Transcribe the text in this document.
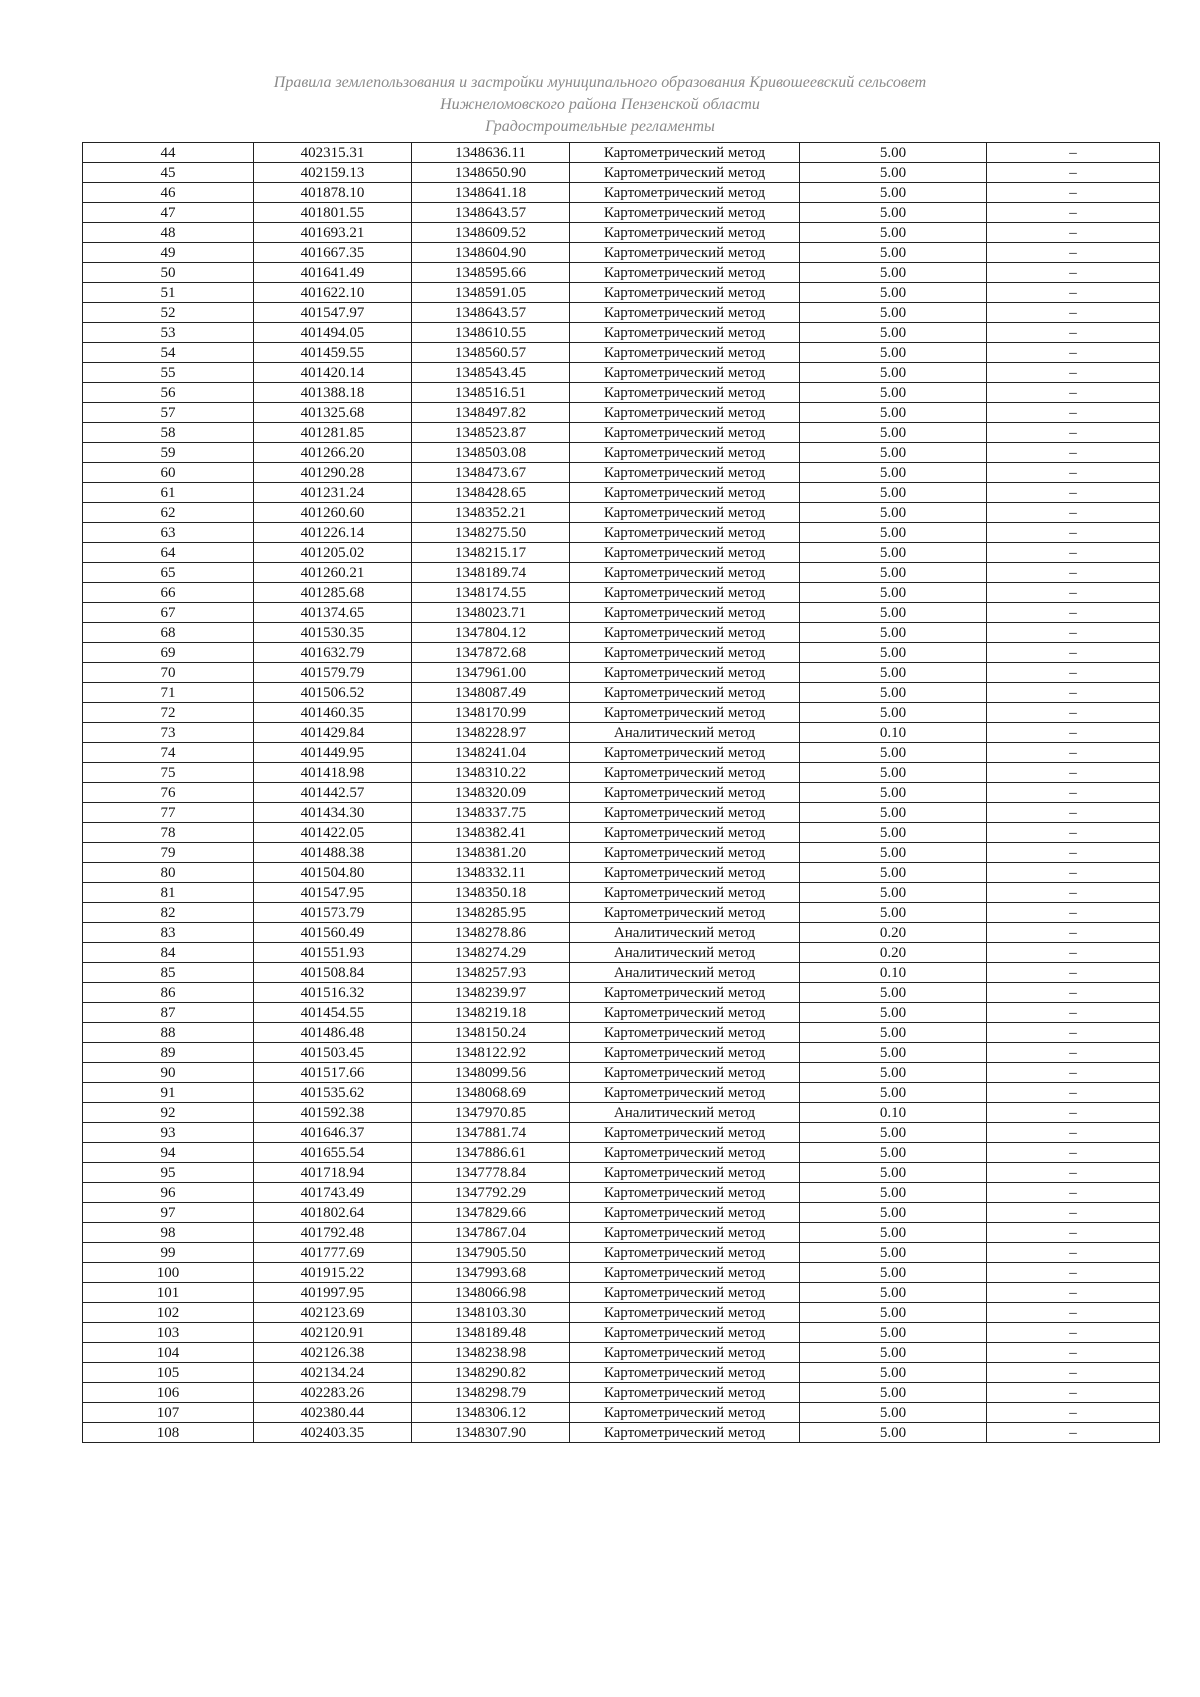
Правила землепользования и застройки муниципального образования Кривошеевский сельсовет
Нижнеломовского района Пензенской области
Градостроительные регламенты
44	402315.31	1348636.11	Картометрический метод	5.00	–
45	402159.13	1348650.90	Картометрический метод	5.00	–
46	401878.10	1348641.18	Картометрический метод	5.00	–
47	401801.55	1348643.57	Картометрический метод	5.00	–
48	401693.21	1348609.52	Картометрический метод	5.00	–
49	401667.35	1348604.90	Картометрический метод	5.00	–
50	401641.49	1348595.66	Картометрический метод	5.00	–
51	401622.10	1348591.05	Картометрический метод	5.00	–
52	401547.97	1348643.57	Картометрический метод	5.00	–
53	401494.05	1348610.55	Картометрический метод	5.00	–
54	401459.55	1348560.57	Картометрический метод	5.00	–
55	401420.14	1348543.45	Картометрический метод	5.00	–
56	401388.18	1348516.51	Картометрический метод	5.00	–
57	401325.68	1348497.82	Картометрический метод	5.00	–
58	401281.85	1348523.87	Картометрический метод	5.00	–
59	401266.20	1348503.08	Картометрический метод	5.00	–
60	401290.28	1348473.67	Картометрический метод	5.00	–
61	401231.24	1348428.65	Картометрический метод	5.00	–
62	401260.60	1348352.21	Картометрический метод	5.00	–
63	401226.14	1348275.50	Картометрический метод	5.00	–
64	401205.02	1348215.17	Картометрический метод	5.00	–
65	401260.21	1348189.74	Картометрический метод	5.00	–
66	401285.68	1348174.55	Картометрический метод	5.00	–
67	401374.65	1348023.71	Картометрический метод	5.00	–
68	401530.35	1347804.12	Картометрический метод	5.00	–
69	401632.79	1347872.68	Картометрический метод	5.00	–
70	401579.79	1347961.00	Картометрический метод	5.00	–
71	401506.52	1348087.49	Картометрический метод	5.00	–
72	401460.35	1348170.99	Картометрический метод	5.00	–
73	401429.84	1348228.97	Аналитический метод	0.10	–
74	401449.95	1348241.04	Картометрический метод	5.00	–
75	401418.98	1348310.22	Картометрический метод	5.00	–
76	401442.57	1348320.09	Картометрический метод	5.00	–
77	401434.30	1348337.75	Картометрический метод	5.00	–
78	401422.05	1348382.41	Картометрический метод	5.00	–
79	401488.38	1348381.20	Картометрический метод	5.00	–
80	401504.80	1348332.11	Картометрический метод	5.00	–
81	401547.95	1348350.18	Картометрический метод	5.00	–
82	401573.79	1348285.95	Картометрический метод	5.00	–
83	401560.49	1348278.86	Аналитический метод	0.20	–
84	401551.93	1348274.29	Аналитический метод	0.20	–
85	401508.84	1348257.93	Аналитический метод	0.10	–
86	401516.32	1348239.97	Картометрический метод	5.00	–
87	401454.55	1348219.18	Картометрический метод	5.00	–
88	401486.48	1348150.24	Картометрический метод	5.00	–
89	401503.45	1348122.92	Картометрический метод	5.00	–
90	401517.66	1348099.56	Картометрический метод	5.00	–
91	401535.62	1348068.69	Картометрический метод	5.00	–
92	401592.38	1347970.85	Аналитический метод	0.10	–
93	401646.37	1347881.74	Картометрический метод	5.00	–
94	401655.54	1347886.61	Картометрический метод	5.00	–
95	401718.94	1347778.84	Картометрический метод	5.00	–
96	401743.49	1347792.29	Картометрический метод	5.00	–
97	401802.64	1347829.66	Картометрический метод	5.00	–
98	401792.48	1347867.04	Картометрический метод	5.00	–
99	401777.69	1347905.50	Картометрический метод	5.00	–
100	401915.22	1347993.68	Картометрический метод	5.00	–
101	401997.95	1348066.98	Картометрический метод	5.00	–
102	402123.69	1348103.30	Картометрический метод	5.00	–
103	402120.91	1348189.48	Картометрический метод	5.00	–
104	402126.38	1348238.98	Картометрический метод	5.00	–
105	402134.24	1348290.82	Картометрический метод	5.00	–
106	402283.26	1348298.79	Картометрический метод	5.00	–
107	402380.44	1348306.12	Картометрический метод	5.00	–
108	402403.35	1348307.90	Картометрический метод	5.00	–
